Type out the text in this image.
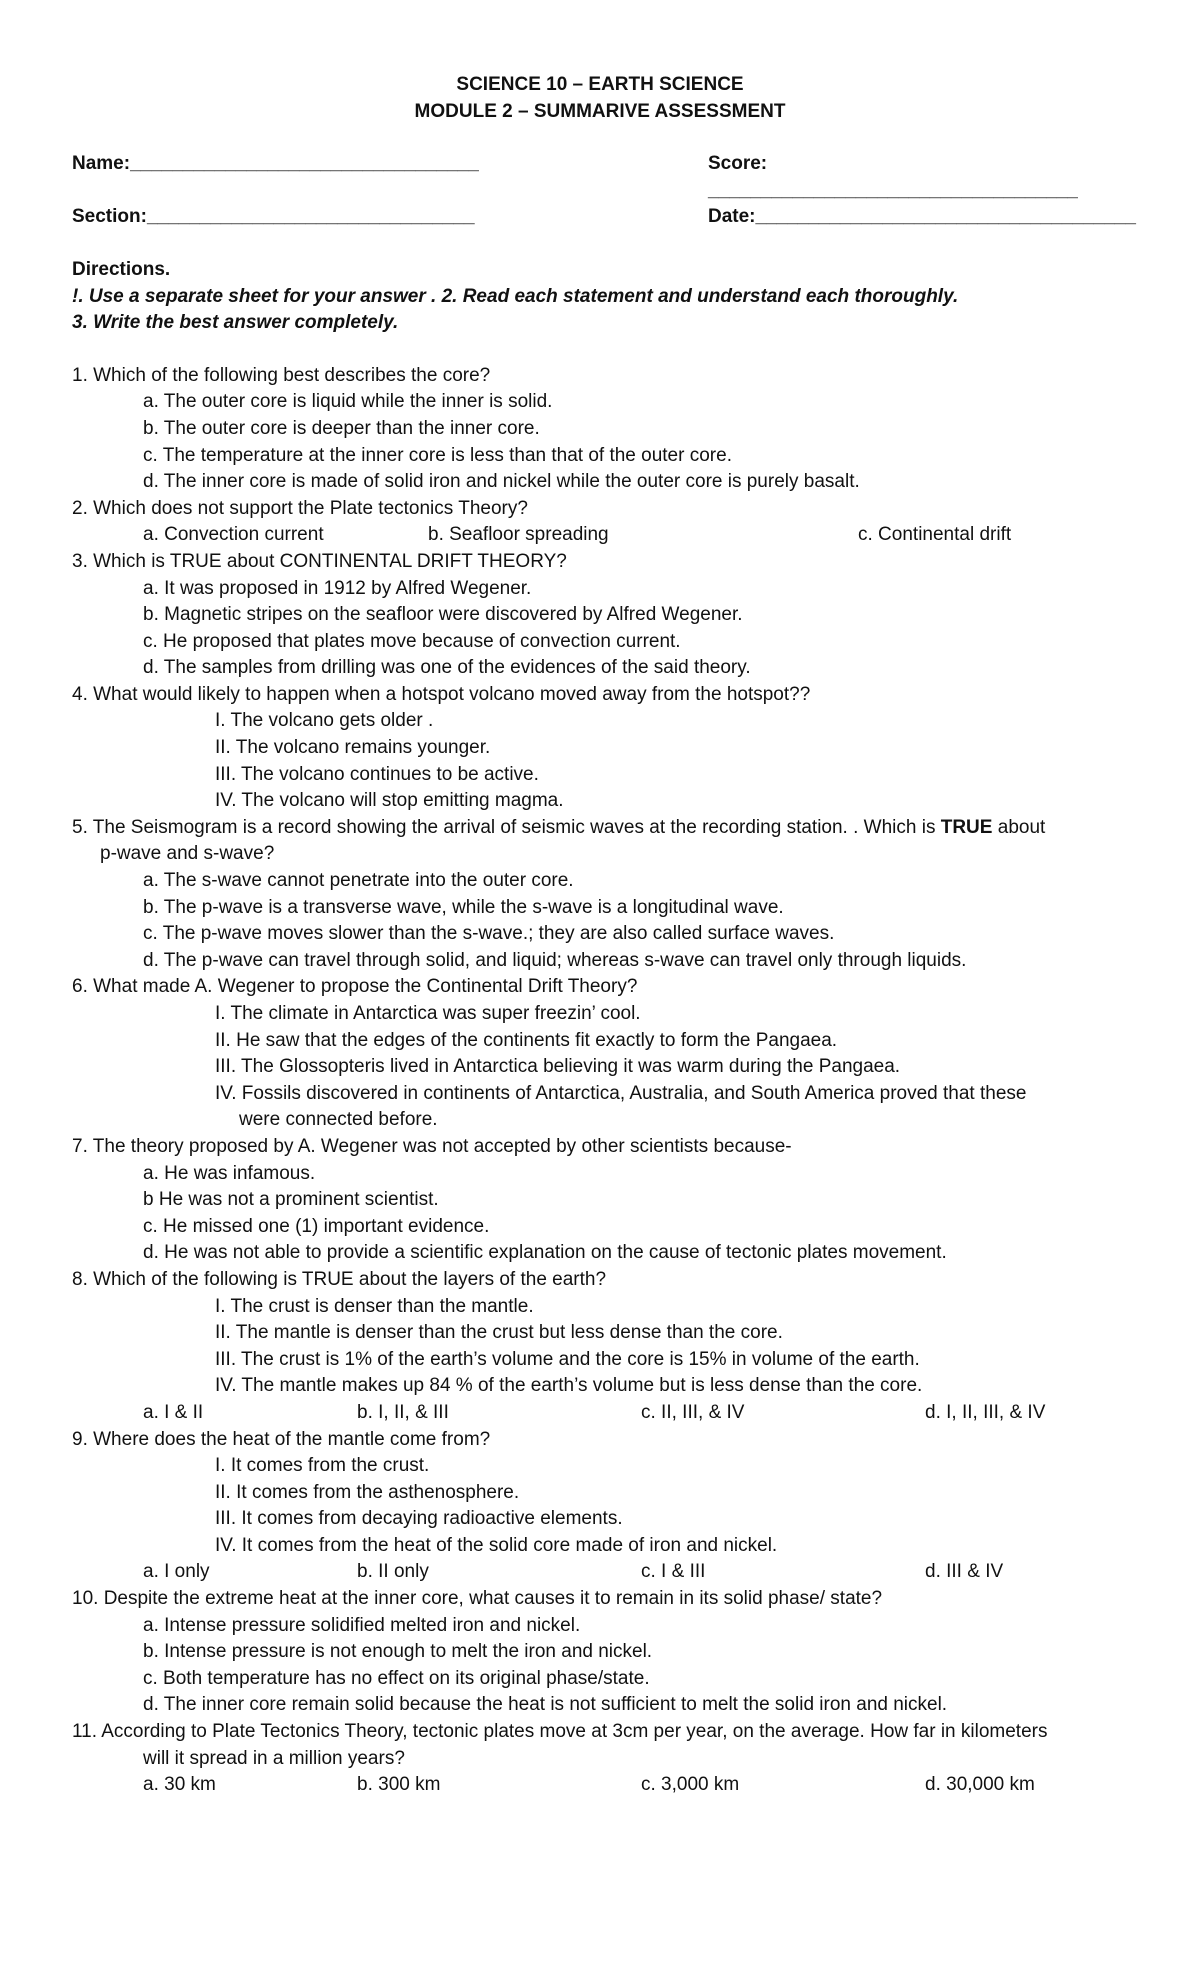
SCIENCE 10 – EARTH SCIENCE
MODULE 2 – SUMMARIVE ASSESSMENT
Name:_________________________________	Score: ___________________________________
Section:_______________________________	Date:____________________________________
Directions.
!. Use a separate sheet for your answer . 2. Read each statement and understand each thoroughly.
3. Write the best answer completely.
1. Which of the following best describes the core?
a. The outer core is liquid while the inner is solid.
b. The outer core is deeper than the inner core.
c. The temperature at the inner core is less than that of the outer core.
d. The inner core is made of solid iron and nickel while the outer core is purely basalt.
2. Which does not support the Plate tectonics Theory?
a. Convection current	b. Seafloor spreading	c. Continental drift
3. Which is TRUE about CONTINENTAL DRIFT THEORY?
a. It was proposed in 1912 by Alfred Wegener.
b. Magnetic stripes on the seafloor were discovered by Alfred Wegener.
c. He proposed that plates move because of convection current.
d. The samples from drilling was one of the evidences of the said theory.
4. What would likely to happen when a hotspot volcano moved away from the hotspot??
I. The volcano gets older .
II. The volcano remains younger.
III. The volcano continues to be active.
IV. The volcano will stop emitting magma.
5. The Seismogram is a record showing the arrival of seismic waves at the recording station. . Which is TRUE about
p-wave and s-wave?
a. The s-wave cannot penetrate into the outer core.
b. The p-wave is a transverse wave, while the s-wave is a longitudinal wave.
c. The p-wave moves slower than the s-wave.; they are also called surface waves.
d. The p-wave can travel through solid, and liquid; whereas s-wave can travel only through liquids.
6. What made A. Wegener to propose the Continental Drift Theory?
I. The climate in Antarctica was super freezin’ cool.
II. He saw that the edges of the continents fit exactly to form the Pangaea.
III. The Glossopteris lived in Antarctica believing it was warm during the Pangaea.
IV. Fossils discovered in continents of Antarctica, Australia, and South America proved that these
were connected before.
7. The theory proposed by A. Wegener was not accepted by other scientists because-
a. He was infamous.
b He was not a prominent scientist.
c. He missed one (1) important evidence.
d. He was not able to provide a scientific explanation on the cause of tectonic plates movement.
8. Which of the following is TRUE about the layers of the earth?
I. The crust is denser than the mantle.
II. The mantle is denser than the crust but less dense than the core.
III. The crust is 1% of the earth’s volume and the core is 15% in volume of the earth.
IV. The mantle makes up 84 % of the earth’s volume but is less dense than the core.
a. I & II	b. I, II, & III	c. II, III, & IV	d. I, II, III, & IV
9. Where does the heat of the mantle come from?
I. It comes from the crust.
II. It comes from the asthenosphere.
III. It comes from decaying radioactive elements.
IV. It comes from the heat of the solid core made of iron and nickel.
a. I only	b. II only	c. I & III	d. III & IV
10. Despite the extreme heat at the inner core, what causes it to remain in its solid phase/ state?
a. Intense pressure solidified melted iron and nickel.
b. Intense pressure is not enough to melt the iron and nickel.
c. Both temperature has no effect on its original phase/state.
d. The inner core remain solid because the heat is not sufficient to melt the solid iron and nickel.
11. According to Plate Tectonics Theory, tectonic plates move at 3cm per year, on the average. How far in kilometers
will it spread in a million years?
a. 30 km	b. 300 km	c. 3,000 km	d. 30,000 km
